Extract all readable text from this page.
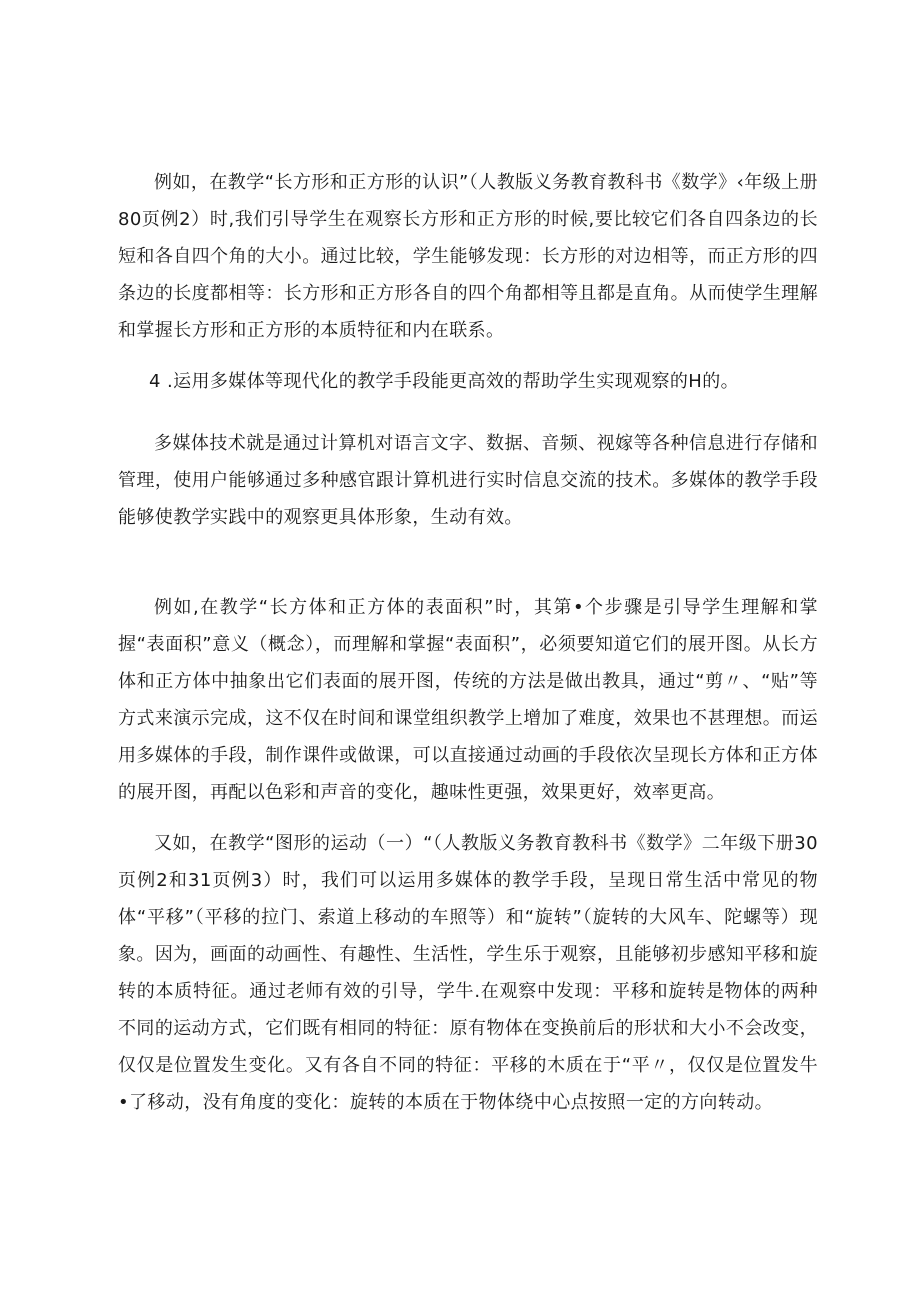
例如，在教学“长方形和正方形的认识”（人教版义务教育教科书《数学》‹年级上册80页例2）时,我们引导学生在观察长方形和正方形的时候,要比较它们各自四条边的长短和各自四个角的大小。通过比较，学生能够发现：长方形的对边相等，而正方形的四条边的长度都相等：长方形和正方形各自的四个角都相等且都是直角。从而使学生理解和掌握长方形和正方形的本质特征和内在联系。

4 .运用多媒体等现代化的教学手段能更高效的帮助学生实现观察的H的。

多媒体技术就是通过计算机对语言文字、数据、音频、视嫁等各种信息进行存储和管理，使用户能够通过多种感官跟计算机进行实时信息交流的技术。多媒体的教学手段能够使教学实践中的观察更具体形象，生动有效。

例如,在教学“长方体和正方体的表面积”时，其第•个步骤是引导学生理解和掌握“表面积”意义（概念），而理解和掌握“表面积”，必须要知道它们的展开图。从长方体和正方体中抽象出它们表面的展开图，传统的方法是做出教具，通过“剪〃、“贴”等方式来演示完成，这不仅在时间和课堂组织教学上增加了难度，效果也不甚理想。而运用多媒体的手段，制作课件或做课，可以直接通过动画的手段依次呈现长方体和正方体的展开图，再配以色彩和声音的变化，趣味性更强，效果更好，效率更高。

又如，在教学“图形的运动（一）“（人教版义务教育教科书《数学》二年级下册30页例2和31页例3）时，我们可以运用多媒体的教学手段，呈现日常生活中常见的物体“平移”（平移的拉门、索道上移动的车照等）和“旋转”（旋转的大风车、陀螺等）现象。因为，画面的动画性、有趣性、生活性，学生乐于观察，且能够初步感知平移和旋转的本质特征。通过老师有效的引导，学牛.在观察中发现：平移和旋转是物体的两种不同的运动方式，它们既有相同的特征：原有物体在变换前后的形状和大小不会改变，仅仅是位置发生变化。又有各自不同的特征：平移的木质在于“平〃，仅仅是位置发牛•了移动，没有角度的变化：旋转的本质在于物体绕中心点按照一定的方向转动。
